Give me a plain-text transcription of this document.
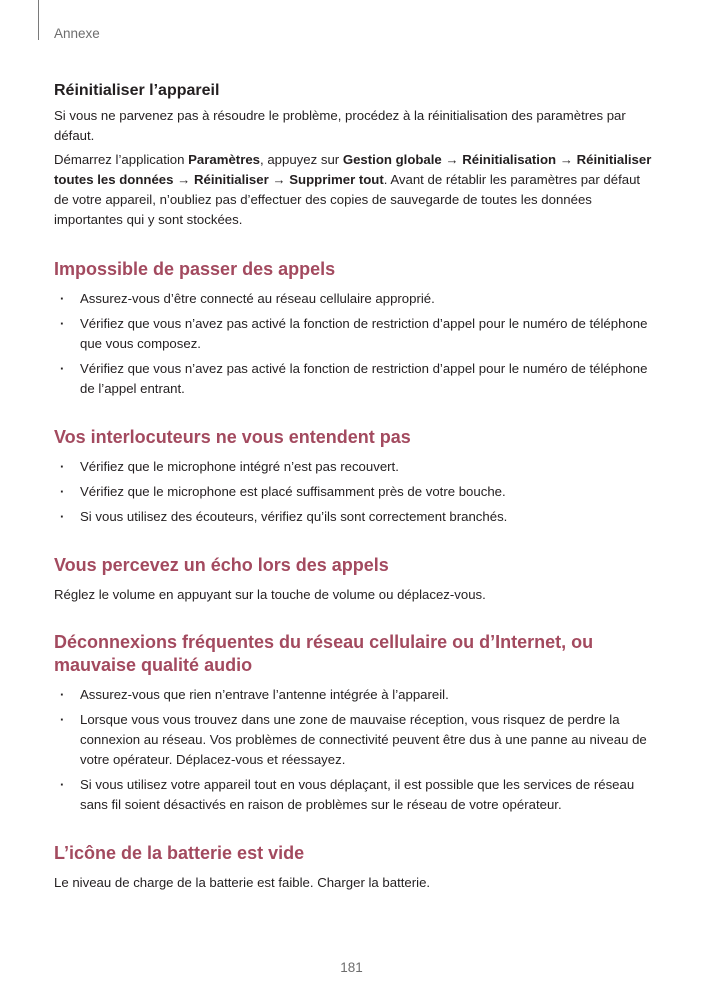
Annexe
Réinitialiser l’appareil

Si vous ne parvenez pas à résoudre le problème, procédez à la réinitialisation des paramètres par défaut.

Démarrez l’application Paramètres, appuyez sur Gestion globale → Réinitialisation → Réinitialiser toutes les données → Réinitialiser → Supprimer tout. Avant de rétablir les paramètres par défaut de votre appareil, n’oubliez pas d’effectuer des copies de sauvegarde de toutes les données importantes qui y sont stockées.

Impossible de passer des appels
· Assurez-vous d’être connecté au réseau cellulaire approprié.
· Vérifiez que vous n’avez pas activé la fonction de restriction d’appel pour le numéro de téléphone que vous composez.
· Vérifiez que vous n’avez pas activé la fonction de restriction d’appel pour le numéro de téléphone de l’appel entrant.
Vos interlocuteurs ne vous entendent pas
· Vérifiez que le microphone intégré n’est pas recouvert.
· Vérifiez que le microphone est placé suffisamment près de votre bouche.
· Si vous utilisez des écouteurs, vérifiez qu’ils sont correctement branchés.
Vous percevez un écho lors des appels

Réglez le volume en appuyant sur la touche de volume ou déplacez-vous.

Déconnexions fréquentes du réseau cellulaire ou d’Internet, ou mauvaise qualité audio
· Assurez-vous que rien n’entrave l’antenne intégrée à l’appareil.
· Lorsque vous vous trouvez dans une zone de mauvaise réception, vous risquez de perdre la connexion au réseau. Vos problèmes de connectivité peuvent être dus à une panne au niveau de votre opérateur. Déplacez-vous et réessayez.
· Si vous utilisez votre appareil tout en vous déplaçant, il est possible que les services de réseau sans fil soient désactivés en raison de problèmes sur le réseau de votre opérateur.
L’icône de la batterie est vide

Le niveau de charge de la batterie est faible. Charger la batterie.

181
